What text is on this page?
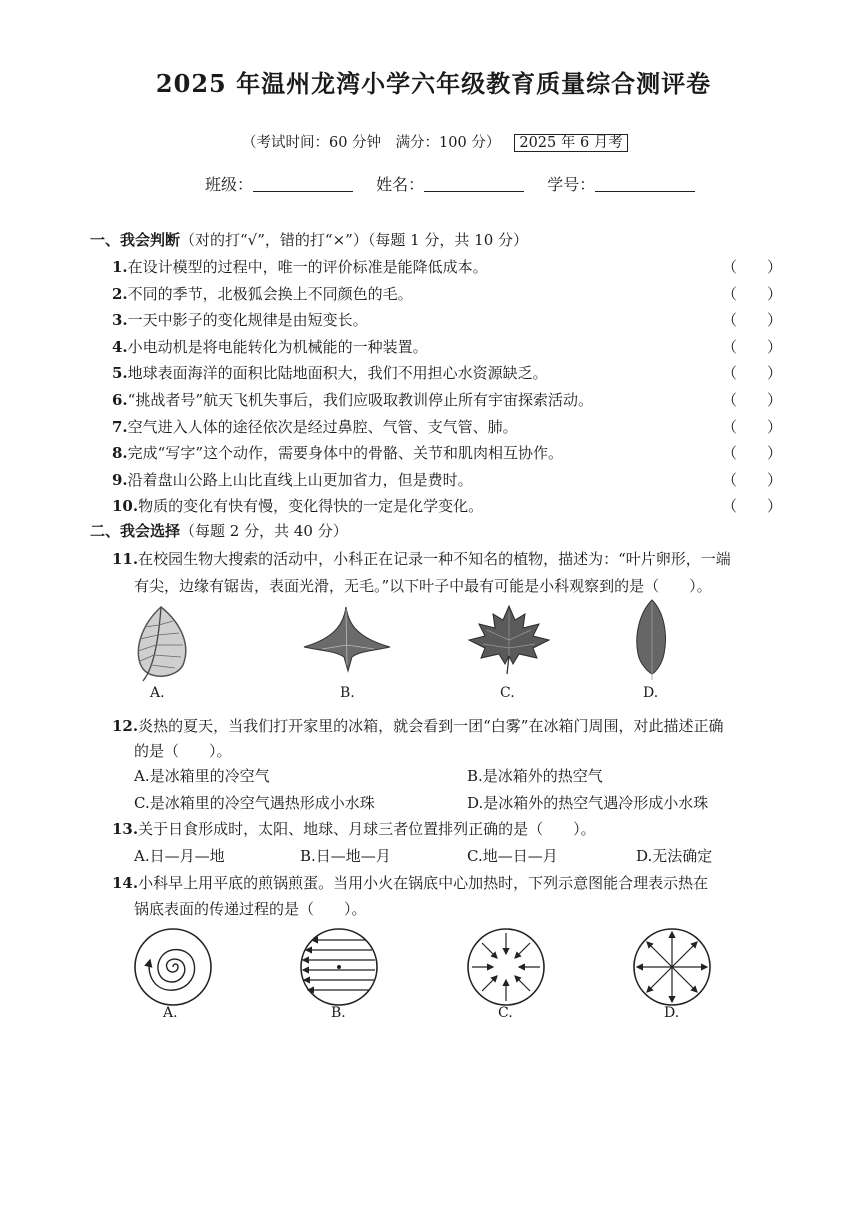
2025 年温州龙湾小学六年级教育质量综合测评卷
（考试时间：60 分钟　满分：100 分） 2025 年 6 月考
班级：	姓名：	学号：
一、我会判断（对的打“√”，错的打“×”）（每题 1 分，共 10 分）
1.在设计模型的过程中，唯一的评价标准是能降低成本。	（　　）
2.不同的季节，北极狐会换上不同颜色的毛。	（　　）
3.一天中影子的变化规律是由短变长。	（　　）
4.小电动机是将电能转化为机械能的一种装置。	（　　）
5.地球表面海洋的面积比陆地面积大，我们不用担心水资源缺乏。	（　　）
6.“挑战者号”航天飞机失事后，我们应吸取教训停止所有宇宙探索活动。	（　　）
7.空气进入人体的途径依次是经过鼻腔、气管、支气管、肺。	（　　）
8.完成“写字”这个动作，需要身体中的骨骼、关节和肌肉相互协作。	（　　）
9.沿着盘山公路上山比直线上山更加省力，但是费时。	（　　）
10.物质的变化有快有慢，变化得快的一定是化学变化。	（　　）
二、我会选择（每题 2 分，共 40 分）
11.在校园生物大搜索的活动中，小科正在记录一种不知名的植物，描述为：“叶片卵形，一端
有尖，边缘有锯齿，表面光滑，无毛。”以下叶子中最有可能是小科观察到的是（　　）。
A.	B.	C.	D.
12.炎热的夏天，当我们打开家里的冰箱，就会看到一团“白雾”在冰箱门周围，对此描述正确
的是（　　）。
A.是冰箱里的冷空气	B.是冰箱外的热空气
C.是冰箱里的冷空气遇热形成小水珠	D.是冰箱外的热空气遇冷形成小水珠
13.关于日食形成时，太阳、地球、月球三者位置排列正确的是（　　）。
A.日—月—地	B.日—地—月	C.地—日—月	D.无法确定
14.小科早上用平底的煎锅煎蛋。当用小火在锅底中心加热时，下列示意图能合理表示热在
锅底表面的传递过程的是（　　）。
A.	B.	C.	D.
